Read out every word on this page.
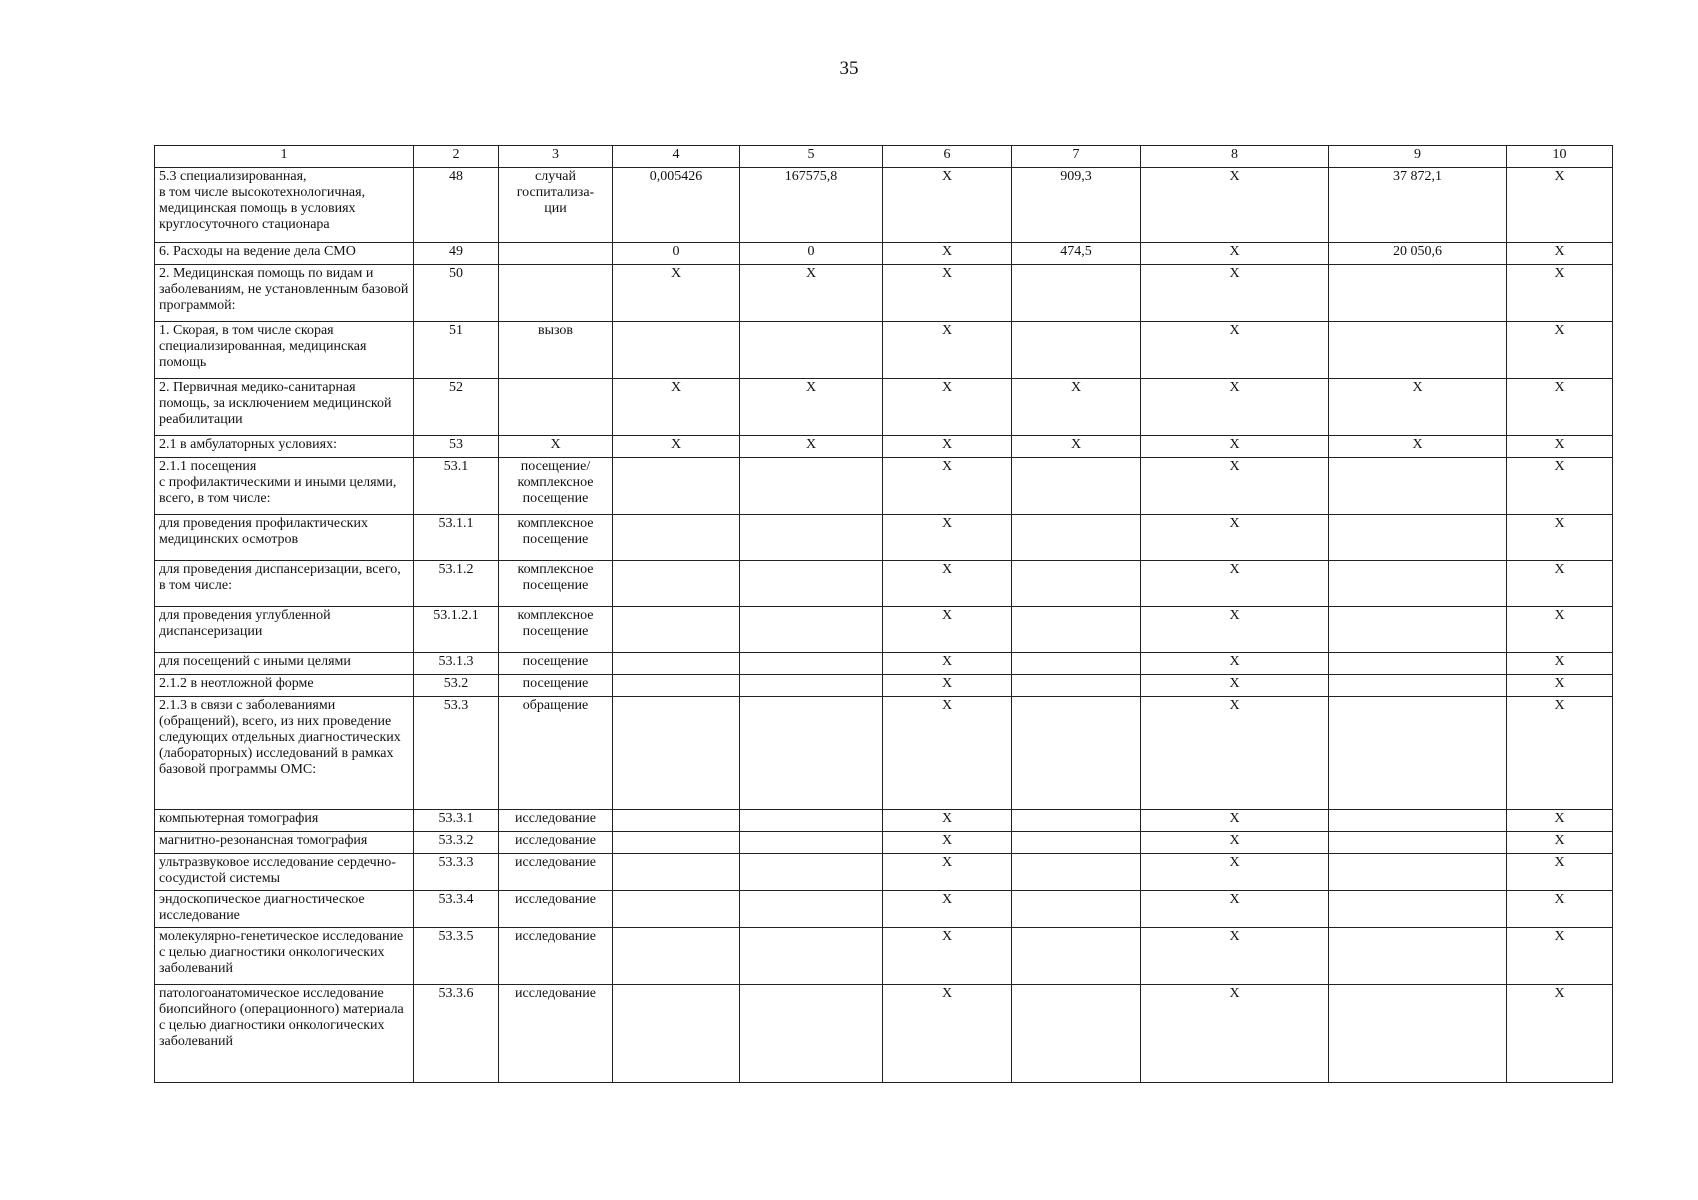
35
1	2	3	4	5	6	7	8	9	10
5.3 специализированная,
в том числе высокотехнологичная, медицинская помощь в условиях круглосуточного стационара	48	случай
госпитализа-
ции	0,005426	167575,8	X	909,3	X	37 872,1	X
6. Расходы на ведение дела СМО	49		0	0	X	474,5	X	20 050,6	X
2. Медицинская помощь по видам и заболеваниям, не установленным базовой программой:	50		X	X	X		X		X
1. Скорая, в том числе скорая специализированная, медицинская помощь	51	вызов			X		X		X
2. Первичная медико-санитарная помощь, за исключением медицинской реабилитации	52		X	X	X	X	X	X	X
2.1 в амбулаторных условиях:	53	X	X	X	X	X	X	X	X
2.1.1 посещения
с профилактическими и иными целями, всего, в том числе:	53.1	посещение/
комплексное
посещение			X		X		X
для проведения профилактических медицинских осмотров	53.1.1	комплексное
посещение			X		X		X
для проведения диспансеризации, всего, в том числе:	53.1.2	комплексное
посещение			X		X		X
для проведения углубленной диспансеризации	53.1.2.1	комплексное
посещение			X		X		X
для посещений с иными целями	53.1.3	посещение			X		X		X
2.1.2 в неотложной форме	53.2	посещение			X		X		X
2.1.3 в связи с заболеваниями (обращений), всего, из них проведение следующих отдельных диагностических (лабораторных) исследований в рамках базовой программы ОМС:	53.3	обращение			X		X		X
компьютерная томография	53.3.1	исследование			X		X		X
магнитно-резонансная томография	53.3.2	исследование			X		X		X
ультразвуковое исследование сердечно-сосудистой системы	53.3.3	исследование			X		X		X
эндоскопическое диагностическое исследование	53.3.4	исследование			X		X		X
молекулярно-генетическое исследование с целью диагностики онкологических заболеваний	53.3.5	исследование			X		X		X
патологоанатомическое исследование биопсийного (операционного) материала
с целью диагностики онкологических заболеваний	53.3.6	исследование			X		X		X
